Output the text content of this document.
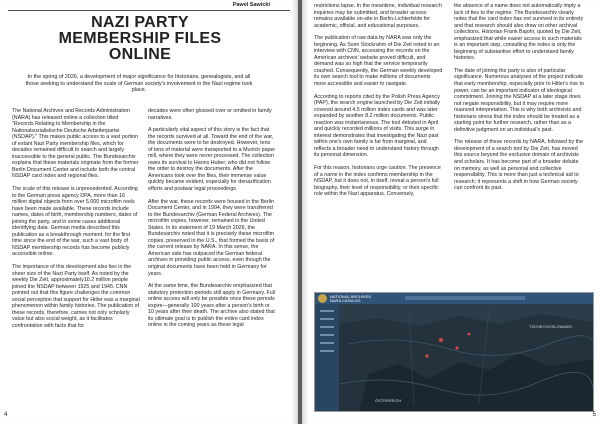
Pawel Sawicki
NAZI PARTY
MEMBERSHIP FILES
ONLINE
In the spring of 2026, a development of major significance for historians, genealogists, and all those seeking to understand the scale of German society's involvement in the Nazi regime took place.

The National Archives and Records Administration (NARA) has released online a collection titled "Records Relating to Membership in the Nationalsozialistische Deutsche Arbeiterpartei (NSDAP)." This makes public access to a vast portion of extant Nazi Party membership files, which for decades remained difficult to search and largely inaccessible to the general public. The Bundesarchiv explains that these materials originate from the former Berlin Document Center and include both the central NSDAP card index and regional files.

The scale of this release is unprecedented. According to the German press agency DPA, more than 16 million digital objects from over 5,000 microfilm reels have been made available. These records include names, dates of birth, membership numbers, dates of joining the party, and in some cases additional identifying data. German media described this publication as a breakthrough moment: for the first time since the end of the war, such a vast body of NSDAP membership records has become publicly accessible online.

The importance of this development also lies in the sheer size of the Nazi Party itself. As noted by the weekly Die Zeit, approximately10.2 million people joined the NSDAP between 1925 and 1945. CNN pointed out that this figure challenges the common social perception that support for Hitler was a marginal phenomenon within family histories. The publication of these records, therefore, carries not only scholarly value but also social weight, as it facilitates confrontation with facts that for

decades were often glossed over or omitted in family narratives.

A particularly vital aspect of this story is the fact that the records survived at all. Toward the end of the war, the documents were to be destroyed. However, tens of tons of material were transported to a Munich paper mill, where they were never processed. The collection owes its survival to Hanns Huber, who did not follow the order to destroy the documents. After the Americans took over the files, their immense value quickly became evident, especially for denazification efforts and postwar legal proceedings.

After the war, these records were housed in the Berlin Document Center, and in 1994, they were transferred to the Bundesarchiv (German Federal Archives). The microfilm copies, however, remained in the United States. In its statement of 19 March 2026, the Bundesarchiv noted that it is precisely these microfilm copies, preserved in the U.S., that formed the basis of the current release by NARA. In this sense, the American side has outpaced the German federal archives in providing public access, even though the original documents have been held in Germany for years.

At the same time, the Bundesarchiv emphasized that statutory protection periods still apply in Germany. Full online access will only be possible once these periods expire—generally 100 years after a person's birth or 10 years after their death. The archive also stated that its ultimate goal is to publish the entire card index online in the coming years as these legal

4

restrictions lapse. In the meantime, individual research inquiries may be submitted, and broader access remains available on-site in Berlin-Lichterfelde for academic, official, and educational purposes.

The publication of raw data by NARA was only the beginning. As Sven Stockrahm of Die Zeit noted in an interview with CNN, accessing the records on the American archives' website proved difficult, and demand was so high that the service temporarily crashed. Consequently, the German weekly developed its own search tool to make millions of documents more accessible and easier to navigate.

According to reports cited by the Polish Press Agency (PAP), the search engine launched by Die Zeit initially covered around 4.5 million index cards and was later expanded by another 8.2 million documents. Public reaction was instantaneous. The tool debuted in April and quickly recorded millions of visits. This surge in interest demonstrates that investigating the Nazi past within one's own family is far from marginal, and reflects a broader need to understand history through its personal dimension.

For this reason, historians urge caution. The presence of a name in the index confirms membership in the NSDAP, but it does not, in itself, reveal a person's full biography, their level of responsibility, or their specific role within the Nazi apparatus. Conversely,

the absence of a name does not automatically imply a lack of ties to the regime. The Bundesarchiv clearly notes that the card index has not survived in its entirety and that research should also draw on other archival collections. Historian Frank Bajohr, quoted by Die Zeit, emphasized that while easier access to such materials is an important step, consulting the index is only the beginning of substantive effort to understand family histories.

The date of joining the party is also of particular significance. Numerous analyses of the project indicate that early membership, especially prior to Hitler's rise to power, can be an important indicator of ideological commitment. Joining the NSDAP at a later stage does not negate responsibility, but it may require more nuanced interpretation. This is why both archivists and historians stress that the index should be treated as a starting point for further research, rather than as a definitive judgment on an individual's past.

The release of these records by NARA, followed by the development of a search tool by Die Zeit, has moved this source beyond the exclusive domain of archivists and scholars. It has become part of a broader debate on memory, as well as personal and collective responsibility. This is more than just a technical aid to research; it represents a shift in how German society can confront its past.

NATIONAL ARCHIVES
NARA CATALOG
ÖSTERREICH
TSCHECHOSLOWAKEI
5
